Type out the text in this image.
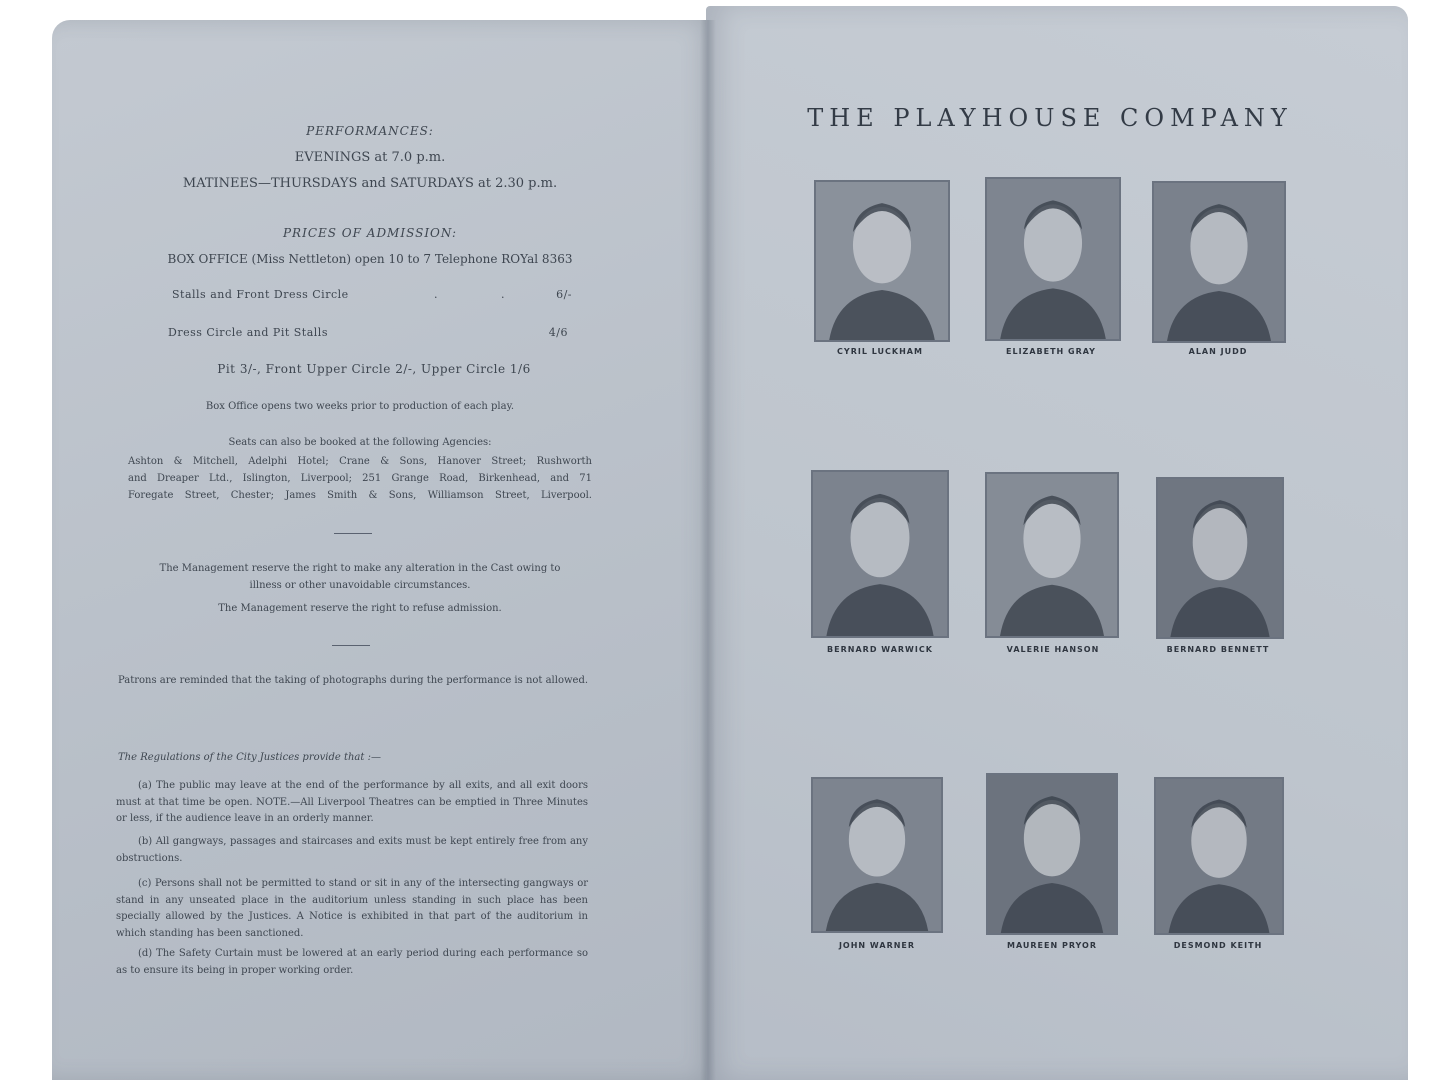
PERFORMANCES:
EVENINGS at 7.0 p.m.
MATINEES—THURSDAYS and SATURDAYS at 2.30 p.m.
PRICES OF ADMISSION:
BOX OFFICE (Miss Nettleton) open 10 to 7 Telephone ROYal 8363
Stalls and Front Dress Circle	. . 6/-
Dress Circle and Pit Stalls	4/6
Pit 3/-, Front Upper Circle 2/-, Upper Circle 1/6
Box Office opens two weeks prior to production of each play.
Seats can also be booked at the following Agencies:
Ashton & Mitchell, Adelphi Hotel; Crane & Sons, Hanover Street; Rushworth
and Dreaper Ltd., Islington, Liverpool; 251 Grange Road, Birkenhead, and 71
Foregate Street, Chester; James Smith & Sons, Williamson Street, Liverpool.
The Management reserve the right to make any alteration in the Cast owing to illness or other unavoidable circumstances.
The Management reserve the right to refuse admission.
Patrons are reminded that the taking of photographs during the performance is not allowed.
The Regulations of the City Justices provide that :—
(a) The public may leave at the end of the performance by all exits, and all exit doors must at that time be open. NOTE.—All Liverpool Theatres can be emptied in Three Minutes or less, if the audience leave in an orderly manner.
(b) All gangways, passages and staircases and exits must be kept entirely free from any obstructions.
(c) Persons shall not be permitted to stand or sit in any of the intersecting gangways or stand in any unseated place in the auditorium unless standing in such place has been specially allowed by the Justices. A Notice is exhibited in that part of the auditorium in which standing has been sanctioned.
(d) The Safety Curtain must be lowered at an early period during each performance so as to ensure its being in proper working order.
THE PLAYHOUSE COMPANY
CYRIL LUCKHAM	ELIZABETH GRAY	ALAN JUDD
BERNARD WARWICK	VALERIE HANSON	BERNARD BENNETT
JOHN WARNER	MAUREEN PRYOR	DESMOND KEITH
